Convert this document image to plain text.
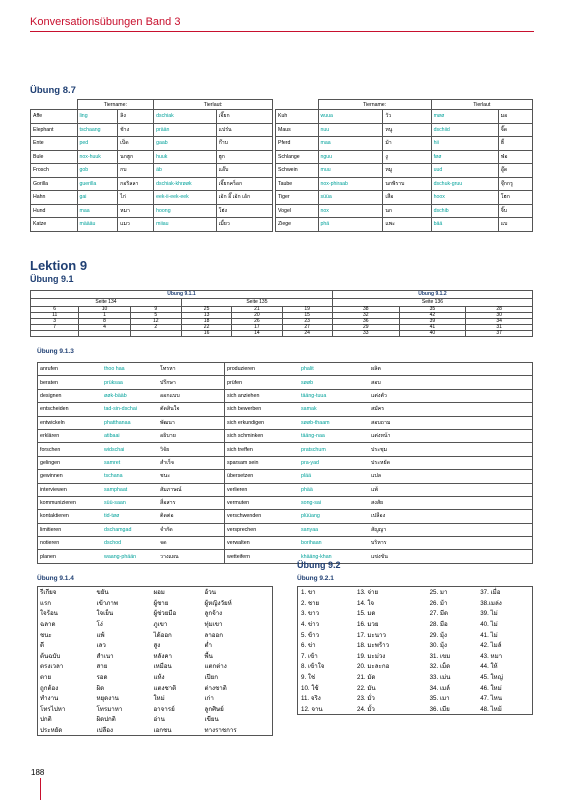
Konversationsübungen Band 3
Übung 8.7
	Tiername:		Tierlaut:	
Affe	ling	ลิง	dschiak	เจี๊ยก
Elephant	tschaang	ช้าง	prään	แปร๋น
Ente	ped	เป็ด	gaab	ก๊าบ
Bule	nox-huuk	นกฮูก	huuk	ฮูก
Frosch	gob	กบ	äb	แอ๊บ
Gorilla	guerilla	กอริลลา	dschiak-khrøøk	เจี๊ยกคร็อก
Hahn	gai	ไก่	eek-ii-eek-eek	เอ้ก อี๊ เอ้ก เอ้ก
Hund	maa	หมา	hoong	โฮ่ง
Katze	määäu	แมว	miiau	เมี้ยว
	Tiername:		Tierlaut	
Kuh	wuua	วัว	møø	มอ
Maus	nuu	หนู	dschiid	จี๊ด
Pferd	maa	ม้า	hii	ฮี้
Schlange	nguu	งู	føø	ฟ่อ
Schwein	muu	หมู	uud	อู๊ด
Taube	nox-phiraab	นกพิราบ	dschuk-gruu	จุ๊กกรู
Tiger	süüa	เสือ	hoox	โฮก
Vogel	nox	นก	dschib	จิ๊บ
Ziege	phä	แพะ	bää	แบ
Lektion 9
Übung 9.1
Übung 9.1.1						Übung 9.1.2		
Seite 134			Seite 135			Seite 136		
6	10	9	25	21	19	38	35	28
11	1	5	13	20	15	32	42	30
3	8	12	18	26	23	36	39	34
7	4	2	22	17	27	29	41	31
			16	14	24	33	40	37
Übung 9.1.3
anrufen	thoo haa	โทรหา	produzieren	phalit	ผลิต
beraten	prüksaa	ปรึกษา	prüfen	søøb	สอบ
designen	øøk-bääb	ออกแบบ	sich anziehen	tääng-tuua	แต่งตัว
entscheiden	tad-sin-dschai	ตัดสินใจ	sich bewerben	samak	สมัคร
entwickeln	phatthanaa	พัฒนา	sich erkundigen	søøb-thaam	สอบถาม
erklären	atibaai	อธิบาย	sich schminken	tääng-naa	แต่งหน้า
forschen	widschai	วิจัย	sich treffen	pratschum	ประชุม
gelingen	samret	สำเร็จ	sparsam sein	pra-yad	ประหยัด
gewinnen	tschana	ชนะ	übersetzen	plää	แปล
interviewen	samphaat	สัมภาษณ์	verlieren	phää	แพ้
kommunizieren	süü-saan	สื่อสาร	vermuten	song-sai	สงสัย
kontaktieren	tid-tøø	ติดต่อ	verschwenden	plüüang	เปลือง
limitieren	dschamgad	จำกัด	versprechen	sanyaa	สัญญา
notieren	dschod	จด	verwalten	borihaan	บริหาร
planen	waang-phään	วางแผน	wetteifern	khääng-khan	แข่งขัน
Übung 9.1.4
รีเกียจ	ขยัน	ผอม	อ้วน
แรก	เข้าภาพ	ผู้ชาย	ผู้หญิงวัยห์
ใจร้อน	ใจเย็น	ผู้ช่วยมือ	ลูกจ้าง
ฉลาด	โง่	ภูเขา	ทุ่มเขา
ชนะ	แพ้	ได้ออก	ลาออก
ดี	เลว	สูง	ต่ำ
ต้นฉบับ	สำเนา	หลังคา	พื้น
ตรงเวลา	สาย	เหมือน	แตกต่าง
ตาย	รอด	แห้ง	เปียก
ถูกต้อง	ผิด	แตงชาติ	ต่างชาติ
ทำงาน	หยุดงาน	ใหม่	เก่า
โทรไปหา	โทรมาหา	อาจารย์	ลูกศิษย์
ปกติ	ผิดปกติ	อ่าน	เขียน
ประหยัด	เปลือง	เอกชน	ทางราชการ
Übung 9.2
Übung 9.2.1
1. ขา	13. จ่าย	25. มา	37. เมื่อ
2. ชาย	14. ใจ	26. ม้า	38.เมล่ง
3. ขาว	15. มด	27. มีด	39. ไม่
4. ข่าว	16. มวย	28. มือ	40. ไม่
5. ข้าว	17. มะนาว	29. มุ้ง	41. ไม่
6. ข่า	18. มะพร้าว	30. มุ้ง	42. ไมล์
7. เข้า	19. มะม่วง	31. เขม	43. หมา
8. เข้าใจ	20. มะละกอ	32. เม็ด	44. ให้
9. ใช่	21. มัด	33. เม่น	45. ใหญ่
10. ใช้	22. มัน	34. เมล์	46. ใหม่
11. จริง	23. มั่ว	35. เมา	47. ไหน
12. จาน	24. มั้ว	36. เมีย	48. ไหม้
188
